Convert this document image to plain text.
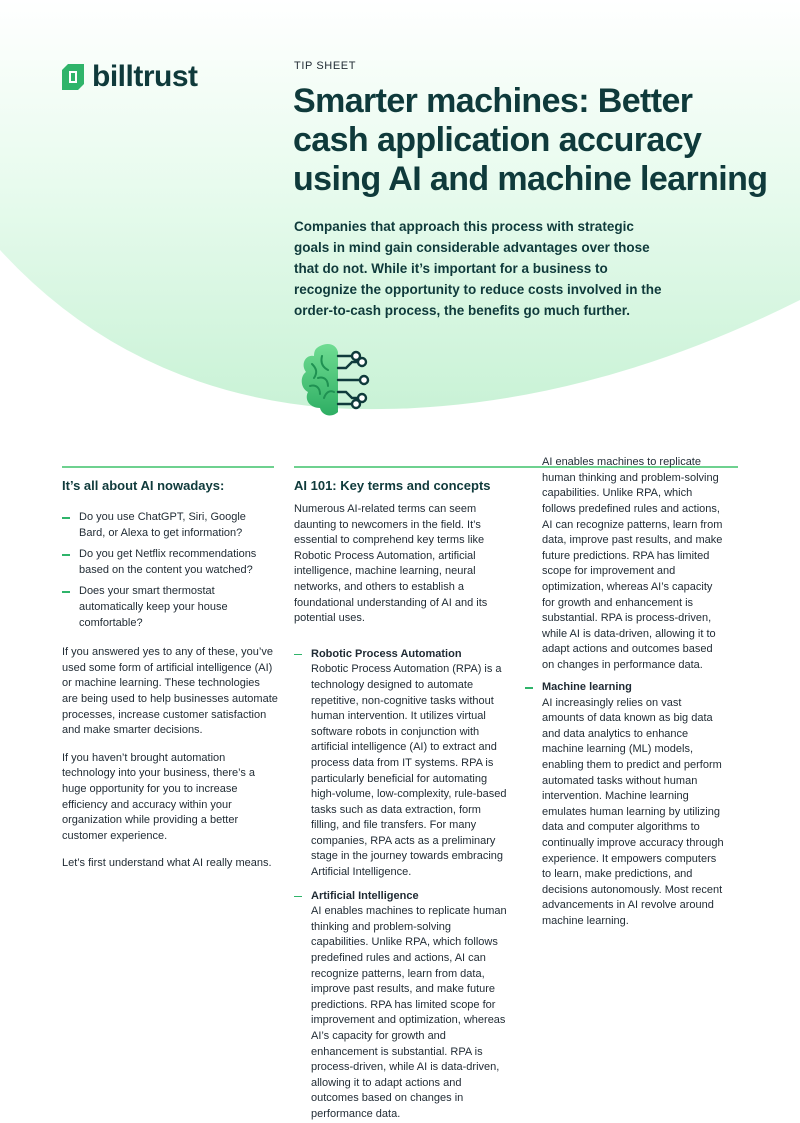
billtrust	TIP SHEET
Smarter machines: Better cash application accuracy using AI and machine learning

Companies that approach this process with strategic goals in mind gain considerable advantages over those that do not. While it’s important for a business to recognize the opportunity to reduce costs involved in the order-to-cash process, the benefits go much further.

It’s all about AI nowadays:	AI 101: Key terms and concepts
Do you use ChatGPT, Siri, Google Bard, or Alexa to get information?
Do you get Netflix recommendations based on the content you watched?
Does your smart thermostat automatically keep your house comfortable?

If you answered yes to any of these, you’ve used some form of artificial intelligence (AI) or machine learning. These technologies are being used to help businesses automate processes, increase customer satisfaction and make smarter decisions.

If you haven’t brought automation technology into your business, there’s a huge opportunity for you to increase efficiency and accuracy within your organization while providing a better customer experience.

Let’s first understand what AI really means.

Numerous AI-related terms can seem daunting to newcomers in the field. It’s essential to comprehend key terms like Robotic Process Automation, artificial intelligence, machine learning, neural networks, and others to establish a foundational understanding of AI and its potential uses.

Robotic Process Automation
Robotic Process Automation (RPA) is a technology designed to automate repetitive, non-cognitive tasks without human intervention. It utilizes virtual software robots in conjunction with artificial intelligence (AI) to extract and process data from IT systems. RPA is particularly beneficial for automating high-volume, low-complexity, rule-based tasks such as data extraction, form filling, and file transfers. For many companies, RPA acts as a preliminary stage in the journey towards embracing Artificial Intelligence.
Artificial Intelligence
AI enables machines to replicate human thinking and problem-solving capabilities. Unlike RPA, which follows predefined rules and actions, AI can recognize patterns, learn from data, improve past results, and make future predictions. RPA has limited scope for improvement and optimization, whereas AI’s capacity for growth and enhancement is substantial. RPA is process-driven, while AI is data-driven, allowing it to adapt actions and outcomes based on changes in performance data.
AI enables machines to replicate human thinking and problem-solving capabilities. Unlike RPA, which follows predefined rules and actions, AI can recognize patterns, learn from data, improve past results, and make future predictions. RPA has limited scope for improvement and optimization, whereas AI’s capacity for growth and enhancement is substantial. RPA is process-driven, while AI is data-driven, allowing it to adapt actions and outcomes based on changes in performance data.
Machine learning
AI increasingly relies on vast amounts of data known as big data and data analytics to enhance machine learning (ML) models, enabling them to predict and perform automated tasks without human intervention. Machine learning emulates human learning by utilizing data and computer algorithms to continually improve accuracy through experience. It empowers computers to learn, make predictions, and decisions autonomously. Most recent advancements in AI revolve around machine learning.
